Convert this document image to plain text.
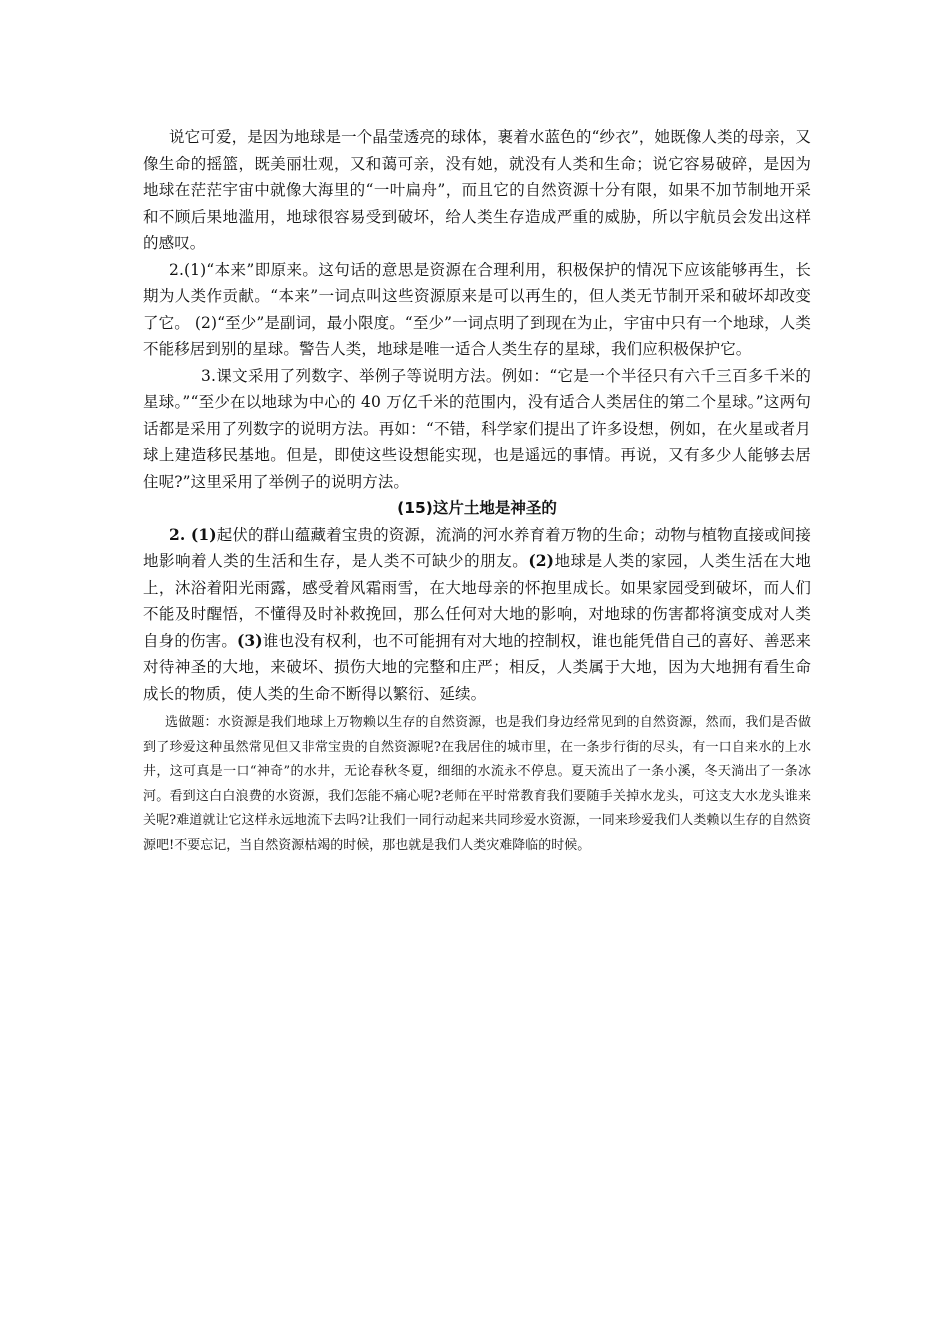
说它可爱，是因为地球是一个晶莹透亮的球体，裹着水蓝色的“纱衣”，她既像人类的母亲，又像生命的摇篮，既美丽壮观，又和蔼可亲，没有她，就没有人类和生命；说它容易破碎，是因为地球在茫茫宇宙中就像大海里的“一叶扁舟”，而且它的自然资源十分有限，如果不加节制地开采和不顾后果地滥用，地球很容易受到破坏，给人类生存造成严重的威胁，所以宇航员会发出这样的感叹。

2.(1)“本来”即原来。这句话的意思是资源在合理利用，积极保护的情况下应该能够再生，长期为人类作贡献。“本来”一词点叫这些资源原来是可以再生的，但人类无节制开采和破坏却改变了它。 (2)“至少”是副词，最小限度。“至少”一词点明了到现在为止，宇宙中只有一个地球，人类不能移居到别的星球。警告人类，地球是唯一适合人类生存的星球，我们应积极保护它。

3.课文采用了列数字、举例子等说明方法。例如：“它是一个半径只有六千三百多千米的星球。”“至少在以地球为中心的 40 万亿千米的范围内，没有适合人类居住的第二个星球。”这两句话都是采用了列数字的说明方法。再如：“不错，科学家们提出了许多设想，例如，在火星或者月球上建造移民基地。但是，即使这些设想能实现，也是遥远的事情。再说，又有多少人能够去居住呢?”这里采用了举例子的说明方法。

(15)这片土地是神圣的

2. (1)起伏的群山蕴藏着宝贵的资源，流淌的河水养育着万物的生命；动物与植物直接或间接地影响着人类的生活和生存，是人类不可缺少的朋友。(2)地球是人类的家园，人类生活在大地上，沐浴着阳光雨露，感受着风霜雨雪，在大地母亲的怀抱里成长。如果家园受到破坏，而人们不能及时醒悟，不懂得及时补救挽回，那么任何对大地的影响，对地球的伤害都将演变成对人类自身的伤害。(3)谁也没有权利，也不可能拥有对大地的控制权，谁也能凭借自己的喜好、善恶来对待神圣的大地，来破坏、损伤大地的完整和庄严；相反，人类属于大地，因为大地拥有看生命成长的物质，使人类的生命不断得以繁衍、延续。

选做题：水资源是我们地球上万物赖以生存的自然资源，也是我们身边经常见到的自然资源，然而，我们是否做到了珍爱这种虽然常见但又非常宝贵的自然资源呢?在我居住的城市里，在一条步行街的尽头，有一口自来水的上水井，这可真是一口“神奇”的水井，无论春秋冬夏，细细的水流永不停息。夏天流出了一条小溪，冬天淌出了一条冰河。看到这白白浪费的水资源，我们怎能不痛心呢?老师在平时常教育我们要随手关掉水龙头，可这支大水龙头谁来关呢?难道就让它这样永远地流下去吗?让我们一同行动起来共同珍爱水资源，一同来珍爱我们人类赖以生存的自然资源吧!不要忘记，当自然资源枯竭的时候，那也就是我们人类灾难降临的时候。
